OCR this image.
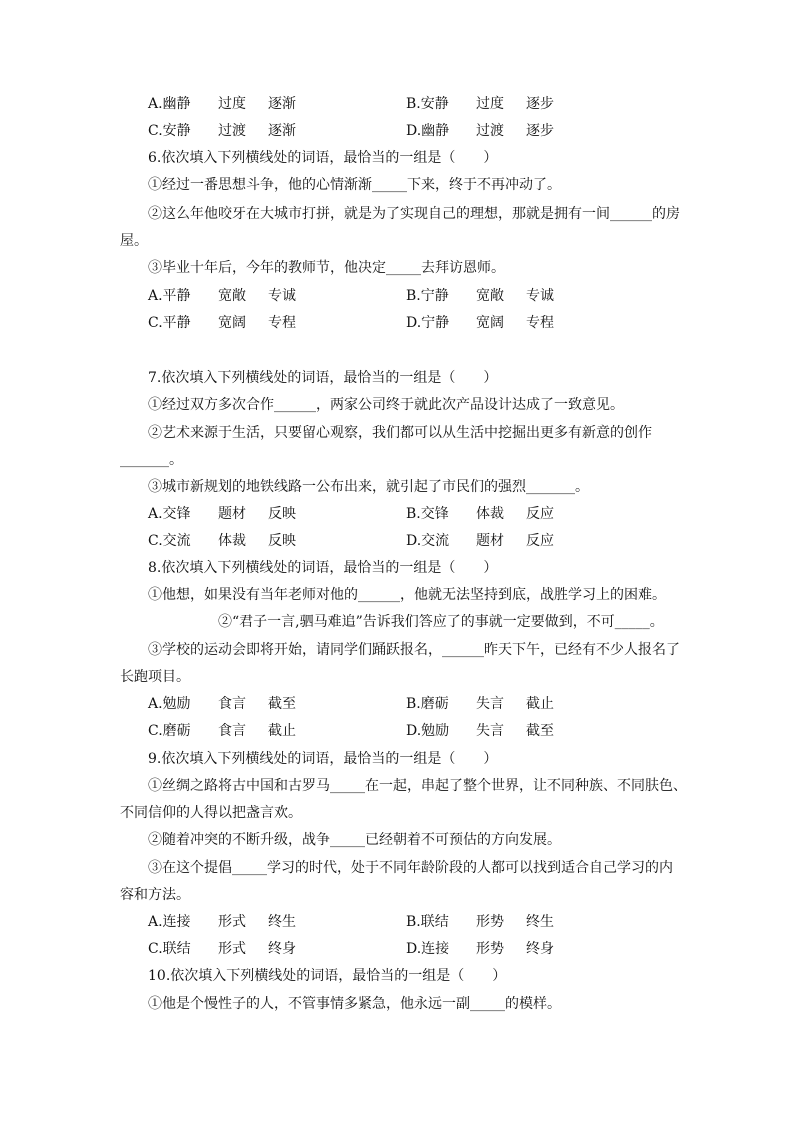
A.幽静 过度 逐渐	B.安静 过度 逐步
C.安静 过渡 逐渐	D.幽静 过渡 逐步
6.依次填入下列横线处的词语，最恰当的一组是（　　）
①经过一番思想斗争，他的心情渐渐_____下来，终于不再冲动了。
②这么年他咬牙在大城市打拼，就是为了实现自己的理想，那就是拥有一间______的房
屋。
③毕业十年后，今年的教师节，他决定_____去拜访恩师。
A.平静 宽敞 专诚	B.宁静 宽敞 专诚
C.平静 宽阔 专程	D.宁静 宽阔 专程
7.依次填入下列横线处的词语，最恰当的一组是（　　）
①经过双方多次合作______，两家公司终于就此次产品设计达成了一致意见。
②艺术来源于生活，只要留心观察，我们都可以从生活中挖掘出更多有新意的创作
_______。
③城市新规划的地铁线路一公布出来，就引起了市民们的强烈_______。
A.交锋 题材 反映	B.交锋 体裁 反应
C.交流 体裁 反映	D.交流 题材 反应
8.依次填入下列横线处的词语，最恰当的一组是（　　）
①他想，如果没有当年老师对他的______，他就无法坚持到底，战胜学习上的困难。
②“君子一言,驷马难追”告诉我们答应了的事就一定要做到，不可_____。
③学校的运动会即将开始，请同学们踊跃报名，______昨天下午，已经有不少人报名了
长跑项目。
A.勉励 食言 截至	B.磨砺 失言 截止
C.磨砺 食言 截止	D.勉励 失言 截至
9.依次填入下列横线处的词语，最恰当的一组是（　　）
①丝绸之路将古中国和古罗马_____在一起，串起了整个世界，让不同种族、不同肤色、
不同信仰的人得以把盏言欢。
②随着冲突的不断升级，战争_____已经朝着不可预估的方向发展。
③在这个提倡_____学习的时代，处于不同年龄阶段的人都可以找到适合自己学习的内
容和方法。
A.连接 形式 终生	B.联结 形势 终生
C.联结 形式 终身	D.连接 形势 终身
10.依次填入下列横线处的词语，最恰当的一组是（　　）
①他是个慢性子的人，不管事情多紧急，他永远一副_____的模样。
